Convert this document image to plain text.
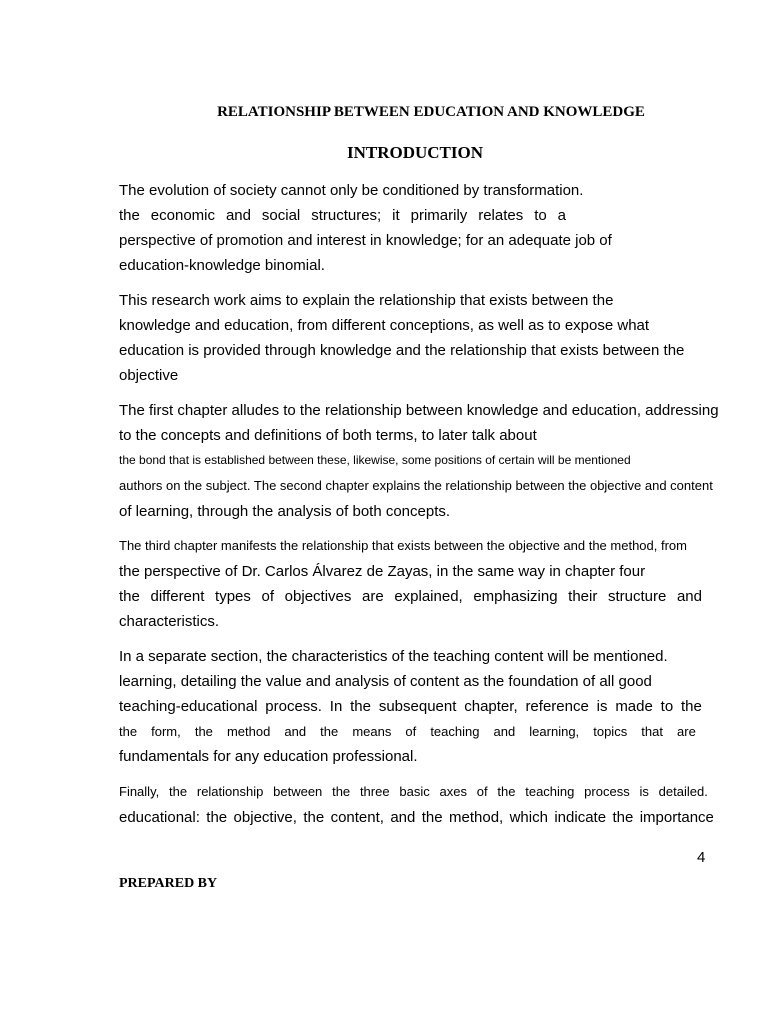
RELATIONSHIP BETWEEN EDUCATION AND KNOWLEDGE
INTRODUCTION
The evolution of society cannot only be conditioned by transformation.
the economic and social structures; it primarily relates to a
perspective of promotion and interest in knowledge; for an adequate job of
education-knowledge binomial.
This research work aims to explain the relationship that exists between the
knowledge and education, from different conceptions, as well as to expose what
education is provided through knowledge and the relationship that exists between the
objective
The first chapter alludes to the relationship between knowledge and education, addressing
to the concepts and definitions of both terms, to later talk about
the bond that is established between these, likewise, some positions of certain will be mentioned
authors on the subject. The second chapter explains the relationship between the objective and content
of learning, through the analysis of both concepts.
The third chapter manifests the relationship that exists between the objective and the method, from
the perspective of Dr. Carlos Álvarez de Zayas, in the same way in chapter four
the different types of objectives are explained, emphasizing their structure and
characteristics.
In a separate section, the characteristics of the teaching content will be mentioned.
learning, detailing the value and analysis of content as the foundation of all good
teaching-educational process. In the subsequent chapter, reference is made to the
the form, the method and the means of teaching and learning, topics that are
fundamentals for any education professional.
Finally, the relationship between the three basic axes of the teaching process is detailed.
educational: the objective, the content, and the method, which indicate the importance
4
PREPARED BY
